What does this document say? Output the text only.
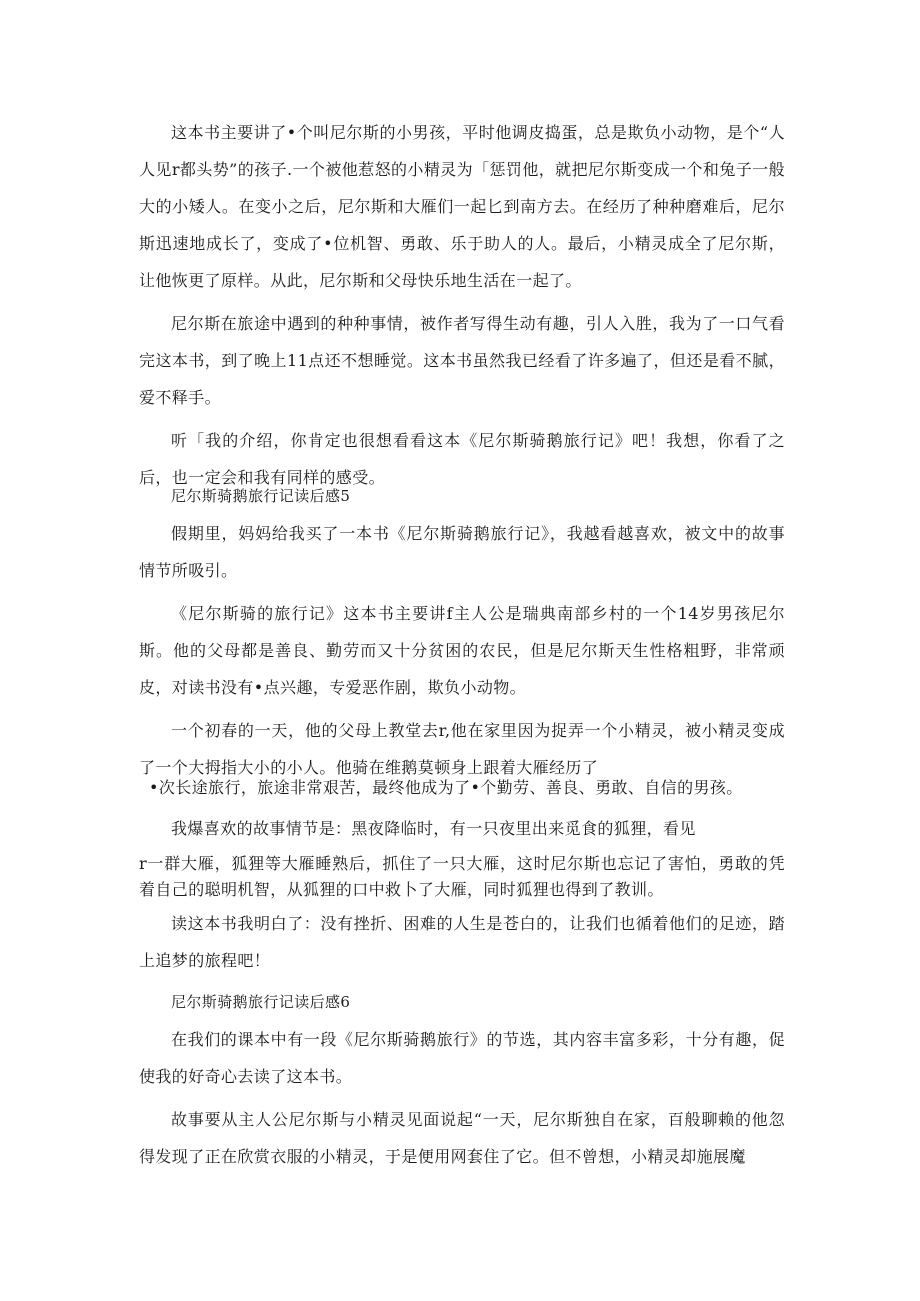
这本书主要讲了•个叫尼尔斯的小男孩，平时他调皮捣蛋，总是欺负小动物，是个“人人见r都头势”的孩子.一个被他惹怒的小精灵为「惩罚他，就把尼尔斯变成一个和兔子一般大的小矮人。在变小之后，尼尔斯和大雁们一起匕到南方去。在经历了种种磨难后，尼尔斯迅速地成长了，变成了•位机智、勇敢、乐于助人的人。最后，小精灵成全了尼尔斯，让他恢更了原样。从此，尼尔斯和父母快乐地生活在一起了。

尼尔斯在旅途中遇到的种种事情，被作者写得生动有趣，引人入胜，我为了一口气看完这本书，到了晚上11点还不想睡觉。这本书虽然我已经看了许多遍了，但还是看不腻，爱不释手。

听「我的介绍，你肯定也很想看看这本《尼尔斯骑鹅旅行记》吧！我想，你看了之后，也一定会和我有同样的感受。

尼尔斯骑鹅旅行记读后感5

假期里，妈妈给我买了一本书《尼尔斯骑鹅旅行记》，我越看越喜欢，被文中的故事情节所吸引。

《尼尔斯骑的旅行记》这本书主要讲f主人公是瑞典南部乡村的一个14岁男孩尼尔斯。他的父母都是善良、勤劳而又十分贫困的农民，但是尼尔斯天生性格粗野，非常顽皮，对读书没有•点兴趣，专爱恶作剧，欺负小动物。

一个初春的一天，他的父母上教堂去r,他在家里因为捉弄一个小精灵，被小精灵变成了一个大拇指大小的小人。他骑在维鹅莫顿身上跟着大雁经历了

•次长途旅行，旅途非常艰苦，最终他成为了•个勤劳、善良、勇敢、自信的男孩。

我爆喜欢的故事情节是：黑夜降临时，有一只夜里出来觅食的狐狸，看见

r一群大雁，狐狸等大雁睡熟后，抓住了一只大雁，这时尼尔斯也忘记了害怕，勇敢的凭着自己的聪明机智，从狐狸的口中救卜了大雁，同时狐狸也得到了教训。

读这本书我明白了：没有挫折、困难的人生是苍白的，让我们也循着他们的足迹，踏上追梦的旅程吧！

尼尔斯骑鹅旅行记读后感6

在我们的课本中有一段《尼尔斯骑鹅旅行》的节选，其内容丰富多彩，十分有趣，促使我的好奇心去读了这本书。

故事要从主人公尼尔斯与小精灵见面说起“一天，尼尔斯独自在家，百般聊赖的他忽得发现了正在欣赏衣服的小精灵，于是便用网套住了它。但不曾想，小精灵却施展魔
